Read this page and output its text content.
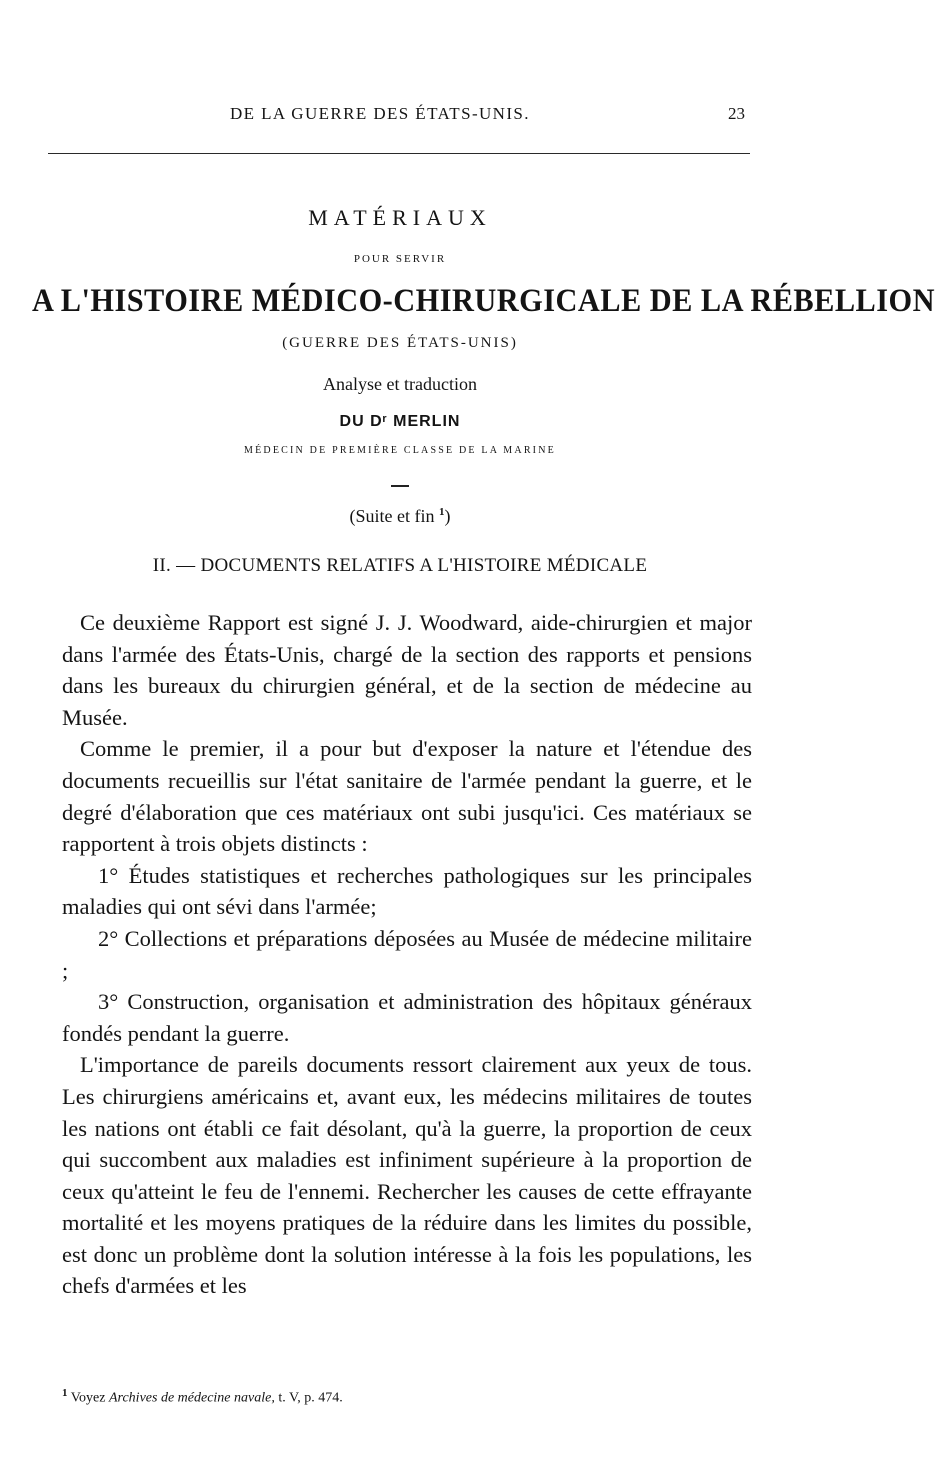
DE LA GUERRE DES ÉTATS-UNIS.	23
MATÉRIAUX
POUR SERVIR
A L'HISTOIRE MÉDICO-CHIRURGICALE DE LA RÉBELLION
(GUERRE DES ÉTATS-UNIS)
Analyse et traduction
DU Dʳ MERLIN
MÉDECIN DE PREMIÈRE CLASSE DE LA MARINE
(Suite et fin $^1$)
II. — DOCUMENTS RELATIFS A L'HISTOIRE MÉDICALE

Ce deuxième Rapport est signé J. J. Woodward, aide-chirurgien et major dans l'armée des États-Unis, chargé de la section des rapports et pensions dans les bureaux du chirurgien général, et de la section de médecine au Musée.

Comme le premier, il a pour but d'exposer la nature et l'étendue des documents recueillis sur l'état sanitaire de l'armée pendant la guerre, et le degré d'élaboration que ces matériaux ont subi jusqu'ici. Ces matériaux se rapportent à trois objets distincts :

1° Études statistiques et recherches pathologiques sur les principales maladies qui ont sévi dans l'armée;

2° Collections et préparations déposées au Musée de médecine militaire ;

3° Construction, organisation et administration des hôpitaux généraux fondés pendant la guerre.

L'importance de pareils documents ressort clairement aux yeux de tous. Les chirurgiens américains et, avant eux, les médecins militaires de toutes les nations ont établi ce fait désolant, qu'à la guerre, la proportion de ceux qui succombent aux maladies est infiniment supérieure à la proportion de ceux qu'atteint le feu de l'ennemi. Rechercher les causes de cette effrayante mortalité et les moyens pratiques de la réduire dans les limites du possible, est donc un problème dont la solution intéresse à la fois les populations, les chefs d'armées et les

$^1$ Voyez Archives de médecine navale, t. V, p. 474.
